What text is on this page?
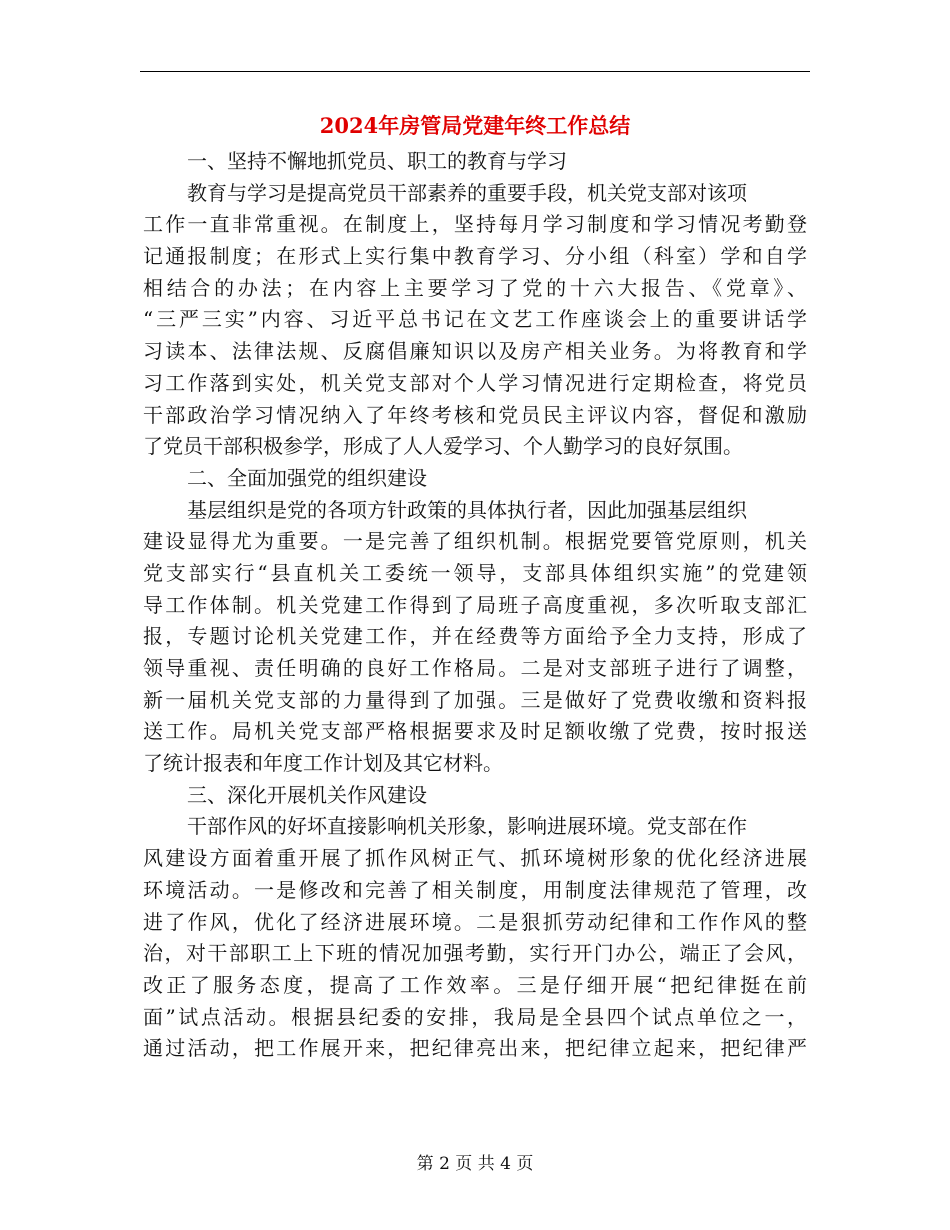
2024年房管局党建年终工作总结
一、坚持不懈地抓党员、职工的教育与学习
教育与学习是提高党员干部素养的重要手段，机关党支部对该项
工作一直非常重视。在制度上，坚持每月学习制度和学习情况考勤登
记通报制度；在形式上实行集中教育学习、分小组（科室）学和自学
相结合的办法；在内容上主要学习了党的十六大报告、《党章》、
“三严三实”内容、习近平总书记在文艺工作座谈会上的重要讲话学
习读本、法律法规、反腐倡廉知识以及房产相关业务。为将教育和学
习工作落到实处，机关党支部对个人学习情况进行定期检查，将党员
干部政治学习情况纳入了年终考核和党员民主评议内容，督促和激励
了党员干部积极参学，形成了人人爱学习、个人勤学习的良好氛围。
二、全面加强党的组织建设
基层组织是党的各项方针政策的具体执行者，因此加强基层组织
建设显得尤为重要。一是完善了组织机制。根据党要管党原则，机关
党支部实行“县直机关工委统一领导，支部具体组织实施”的党建领
导工作体制。机关党建工作得到了局班子高度重视，多次听取支部汇
报，专题讨论机关党建工作，并在经费等方面给予全力支持，形成了
领导重视、责任明确的良好工作格局。二是对支部班子进行了调整，
新一届机关党支部的力量得到了加强。三是做好了党费收缴和资料报
送工作。局机关党支部严格根据要求及时足额收缴了党费，按时报送
了统计报表和年度工作计划及其它材料。
三、深化开展机关作风建设
干部作风的好坏直接影响机关形象，影响进展环境。党支部在作
风建设方面着重开展了抓作风树正气、抓环境树形象的优化经济进展
环境活动。一是修改和完善了相关制度，用制度法律规范了管理，改
进了作风，优化了经济进展环境。二是狠抓劳动纪律和工作作风的整
治，对干部职工上下班的情况加强考勤，实行开门办公，端正了会风，
改正了服务态度，提高了工作效率。三是仔细开展“把纪律挺在前
面”试点活动。根据县纪委的安排，我局是全县四个试点单位之一，
通过活动，把工作展开来，把纪律亮出来，把纪律立起来，把纪律严
第 2 页 共 4 页
